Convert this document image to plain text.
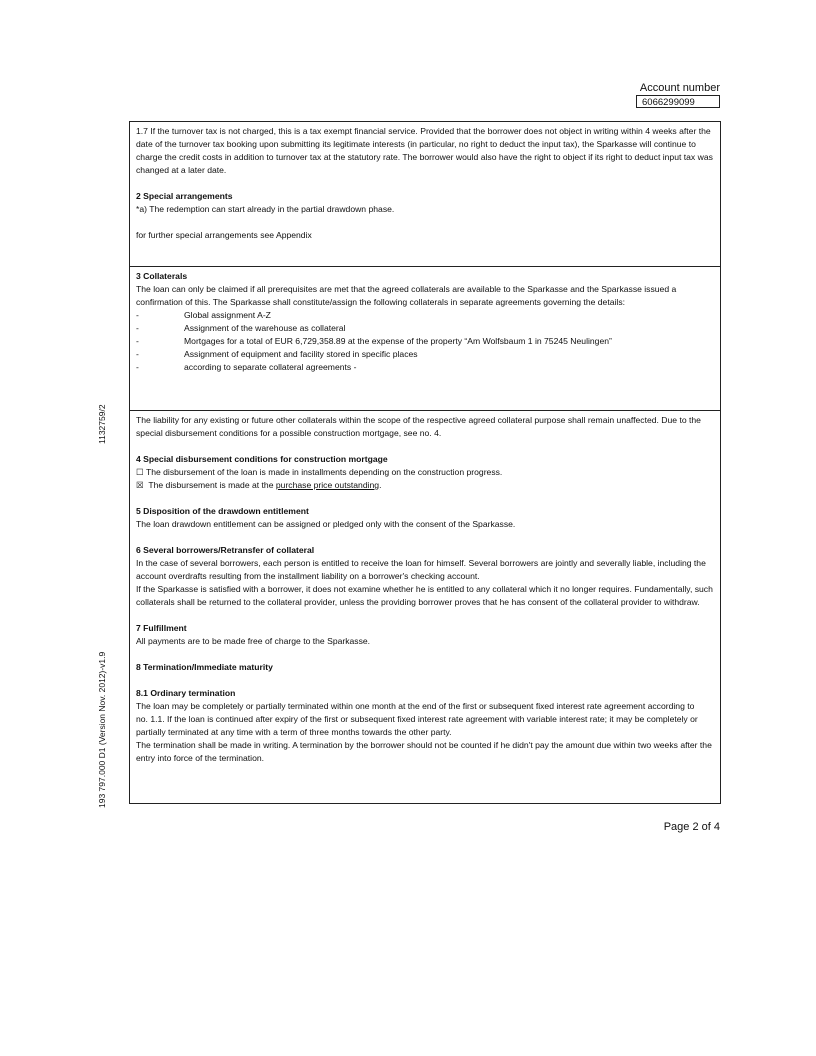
Account number
6066299099
1132759/2
193 797.000 D1 (Version Nov. 2012)-v1.9

1.7 If the turnover tax is not charged, this is a tax exempt financial service. Provided that the borrower does not object in writing within 4 weeks after the date of the turnover tax booking upon submitting its legitimate interests (in particular, no right to deduct the input tax), the Sparkasse will continue to charge the credit costs in addition to turnover tax at the statutory rate. The borrower would also have the right to object if its right to deduct input tax was changed at a later date.

2 Special arrangements

*a) The redemption can start already in the partial drawdown phase.

for further special arrangements see Appendix

3 Collaterals

The loan can only be claimed if all prerequisites are met that the agreed collaterals are available to the Sparkasse and the Sparkasse issued a confirmation of this. The Sparkasse shall constitute/assign the following collaterals in separate agreements governing the details:

-	Global assignment A-Z
-	Assignment of the warehouse as collateral
-	Mortgages for a total of EUR 6,729,358.89 at the expense of the property “Am Wolfsbaum 1 in 75245 Neulingen”
-	Assignment of equipment and facility stored in specific places
-	according to separate collateral agreements -

The liability for any existing or future other collaterals within the scope of the respective agreed collateral purpose shall remain unaffected. Due to the special disbursement conditions for a possible construction mortgage, see no. 4.

4 Special disbursement conditions for construction mortgage

☐ The disbursement of the loan is made in installments depending on the construction progress.

☒ The disbursement is made at the purchase price outstanding.

5 Disposition of the drawdown entitlement

The loan drawdown entitlement can be assigned or pledged only with the consent of the Sparkasse.

6 Several borrowers/Retransfer of collateral

In the case of several borrowers, each person is entitled to receive the loan for himself. Several borrowers are jointly and severally liable, including the account overdrafts resulting from the installment liability on a borrower's checking account.

If the Sparkasse is satisfied with a borrower, it does not examine whether he is entitled to any collateral which it no longer requires. Fundamentally, such collaterals shall be returned to the collateral provider, unless the providing borrower proves that he has consent of the collateral provider to withdraw.

7 Fulfillment

All payments are to be made free of charge to the Sparkasse.

8 Termination/Immediate maturity

8.1 Ordinary termination

The loan may be completely or partially terminated within one month at the end of the first or subsequent fixed interest rate agreement according to

no. 1.1. If the loan is continued after expiry of the first or subsequent fixed interest rate agreement with variable interest rate; it may be completely or partially terminated at any time with a term of three months towards the other party.

The termination shall be made in writing. A termination by the borrower should not be counted if he didn't pay the amount due within two weeks after the entry into force of the termination.

Page 2 of 4
